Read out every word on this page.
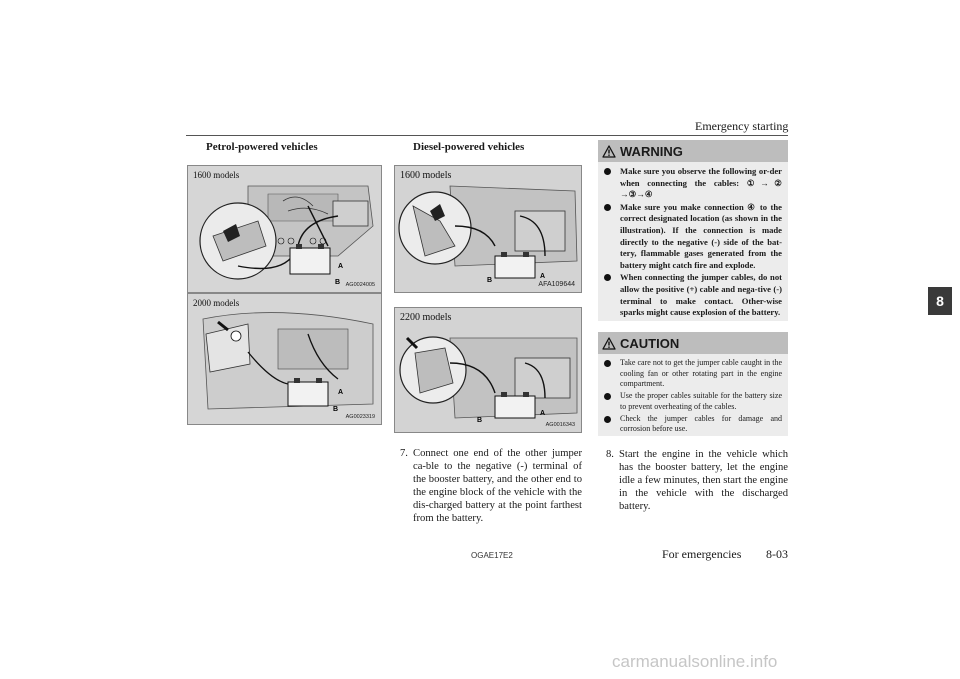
Emergency starting
8
Petrol-powered vehicles	Diesel-powered vehicles
A
B
1600 models
AG0024005
A
B
2000 models
AG0023319
B
A
1600 models
AFA109644
B
A
2200 models
AG0016343
WARNING
Make sure you observe the following or-der when connecting the cables: ①→② →③→④
Make sure you make connection ④ to the correct designated location (as shown in the illustration). If the connection is made directly to the negative (-) side of the bat-tery, flammable gases generated from the battery might catch fire and explode.
When connecting the jumper cables, do not allow the positive (+) cable and nega-tive (-) terminal to make contact. Other-wise sparks might cause explosion of the battery.
CAUTION
Take care not to get the jumper cable caught in the cooling fan or other rotating part in the engine compartment.
Use the proper cables suitable for the battery size to prevent overheating of the cables.
Check the jumper cables for damage and corrosion before use.
7. Connect one end of the other jumper ca-ble to the negative (-) terminal of the booster battery, and the other end to the engine block of the vehicle with the dis-charged battery at the point farthest from the battery.
8. Start the engine in the vehicle which has the booster battery, let the engine idle a few minutes, then start the engine in the vehicle with the discharged battery.
OGAE17E2	For emergencies 8-03
carmanualsonline.info
